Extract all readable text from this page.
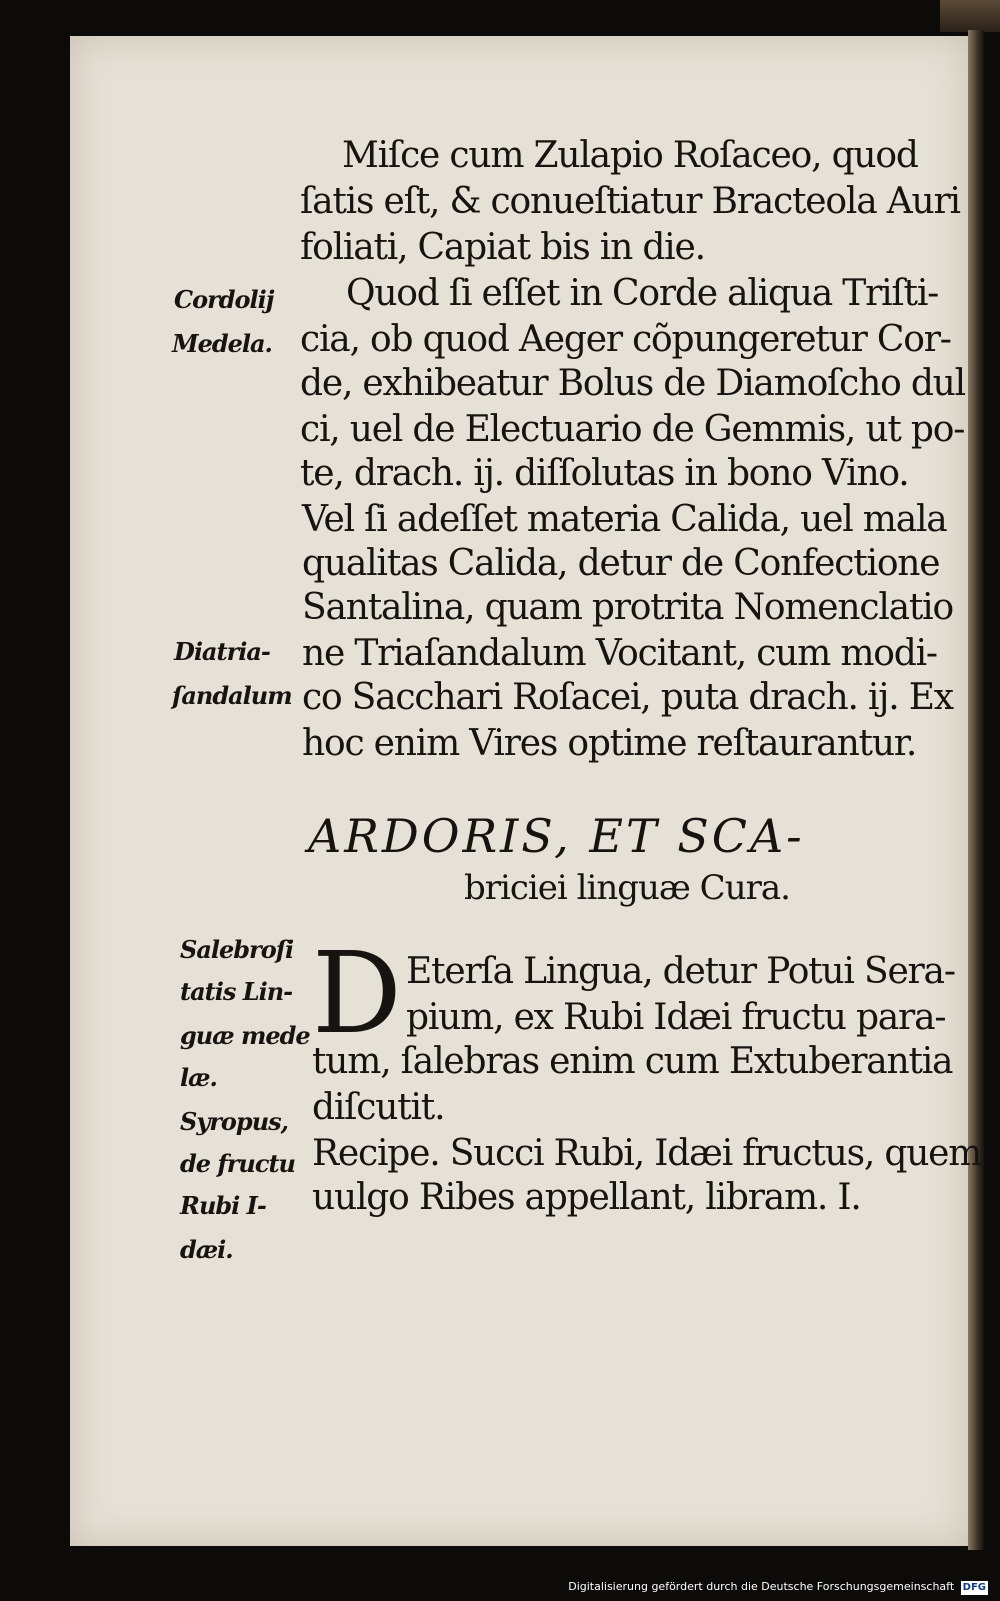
Miſce cum Zulapio Roſaceo, quod
ſatis eſt, & conueſtiatur Bracteola Auri
foliati, Capiat bis in die.
Quod ſi eſſet in Corde aliqua Triſti-
cia, ob quod Aeger cõpungeretur Cor-
de, exhibeatur Bolus de Diamoſcho dul
ci, uel de Electuario de Gemmis, ut po-
te, drach. ij. diſſolutas in bono Vino.
Vel ſi adeſſet materia Calida, uel mala
qualitas Calida, detur de Confectione
Santalina, quam protrita Nomenclatio
ne Triaſandalum Vocitant, cum modi-
co Sacchari Roſacei, puta drach. ij. Ex
hoc enim Vires optime reſtaurantur.
Cordolij
Medela.
Diatria-
ſandalum
ARDORIS, ET SCA-
briciei linguæ Cura.
D Eterſa Lingua, detur Potui Sera-
pium, ex Rubi Idæi fructu para-
tum, ſalebras enim cum Extuberantia
diſcutit.
Recipe. Succi Rubi, Idæi fructus, quem
uulgo Ribes appellant, libram. I.
Salebroſi
tatis Lin-
guæ mede
læ.
Syropus,
de fructu
Rubi I-
dæi.
Digitalisierung gefördert durch die Deutsche Forschungsgemeinschaft DFG
